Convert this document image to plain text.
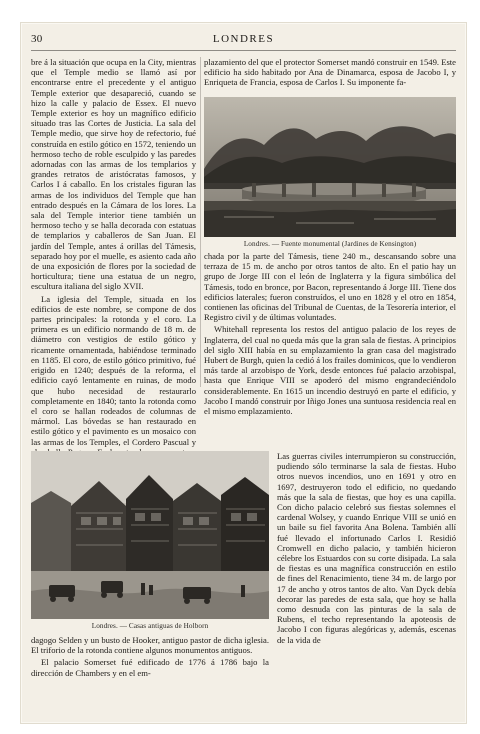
30	LONDRES

bre á la situación que ocupa en la City, mientras que el Temple medio se llamó así por encontrarse entre el precedente y el antiguo Temple exterior que desapareció, cuando se hizo la calle y palacio de Essex. El nuevo Temple exterior es hoy un magnífico edificio situado tras las Cortes de Justicia. La sala del Temple medio, que sirve hoy de refectorio, fué construída en estilo gótico en 1572, teniendo un hermoso techo de roble esculpido y las paredes adornadas con las armas de los templarios y grandes retratos de aristócratas famosos, y Carlos I á caballo. En los cristales figuran las armas de los individuos del Temple que han entrado después en la Cámara de los lores. La sala del Temple interior tiene también un hermoso techo y se halla decorada con estatuas de templarios y caballeros de San Juan. El jardín del Temple, antes á orillas del Támesis, separado hoy por el muelle, es asiento cada año de una exposición de flores por la sociedad de horticultura; tiene una estatua de un negro, escultura italiana del siglo XVII.

La iglesia del Temple, situada en los edificios de este nombre, se compone de dos partes principales: la rotonda y el coro. La primera es un edificio normando de 18 m. de diámetro con vestigios de estilo gótico y ricamente ornamentada, habiéndose terminado en 1185. El coro, de estilo gótico primitivo, fué erigido en 1240; después de la reforma, el edificio cayó lentamente en ruinas, de modo que hubo necesidad de restaurarlo completamente en 1840; tanto la rotonda como el coro se hallan rodeados de columnas de mármol. Las bóvedas se han restaurado en estilo gótico y el pavimento es un mosaico con las armas de los Temples, el Cordero Pascual y

Londres. — Fuente monumental (Jardines de Kensington)

plazamiento del que el protector Somerset mandó construir en 1549. Este edificio ha sido habitado por Ana de Dinamarca, esposa de Jacobo I, y Enriqueta de Francia, esposa de Carlos I. Su imponente fa-

chada por la parte del Támesis, tiene 240 m., descansando sobre una terraza de 15 m. de ancho por otros tantos de alto. En el patio hay un grupo de Jorge III con el león de Inglaterra y la figura simbólica del Támesis, todo en bronce, por Bacon, representando á Jorge III. Tiene dos edificios laterales; fueron construídos, el uno en 1828 y el otro en 1854, contienen las oficinas del Tribunal de Cuentas, de la Tesorería interior, el Registro civil y de últimas voluntades.

Whitehall representa los restos del antiguo palacio de los reyes de Inglaterra, del cual no queda más que la gran sala de fiestas. A principios del siglo XIII había en su emplazamiento la gran casa del magistrado Hubert de Burgh, quien la cedió á los frailes dominicos, que lo vendieron más tarde al arzobispo de York, desde entonces fué palacio arzobispal, hasta que Enrique VIII se apoderó del mismo engrandeciéndolo considerablemente. En 1615 un incendio destruyó en parte el edificio, y Jacobo I mandó construir por Iñigo Jones una suntuosa residencia real en el mismo emplazamiento.

Londres. — Casas antiguas de Holborn

Las guerras civiles interrumpieron su construcción, pudiendo sólo terminarse la sala de fiestas. Hubo otros nuevos incendios, uno en 1691 y otro en 1697, destruyeron todo el edificio, no quedando más que la sala de fiestas, que hoy es una capilla. Con dicho palacio celebró sus fiestas solemnes el cardenal Wolsey, y cuando Enrique VIII se unió en un baile su fiel favorita Ana Bolena. También allí fué llevado el infortunado Carlos I. Residió Cromwell en dicho palacio, y también hicieron célebre los Estuardos con su corte disipada. La sala de fiestas es una magnífica construcción en estilo de fines del Renacimiento, tiene 34 m. de largo por 17 de ancho y otros tantos de alto. Van Dyck debía decorar las paredes de esta sala, que hoy se halla como desnuda con las pinturas de la sala de Rubens, el techo representando la apoteosis de Jacobo I con figuras alegóricas y, además, escenas de la vida de

dagogo Selden y un busto de Hooker, antiguo pastor de dicha iglesia. El triforio de la rotonda contiene algunos monumentos antiguos.

El palacio Somerset fué edificado de 1776 á 1786 bajo la dirección de Chambers y en el em-
